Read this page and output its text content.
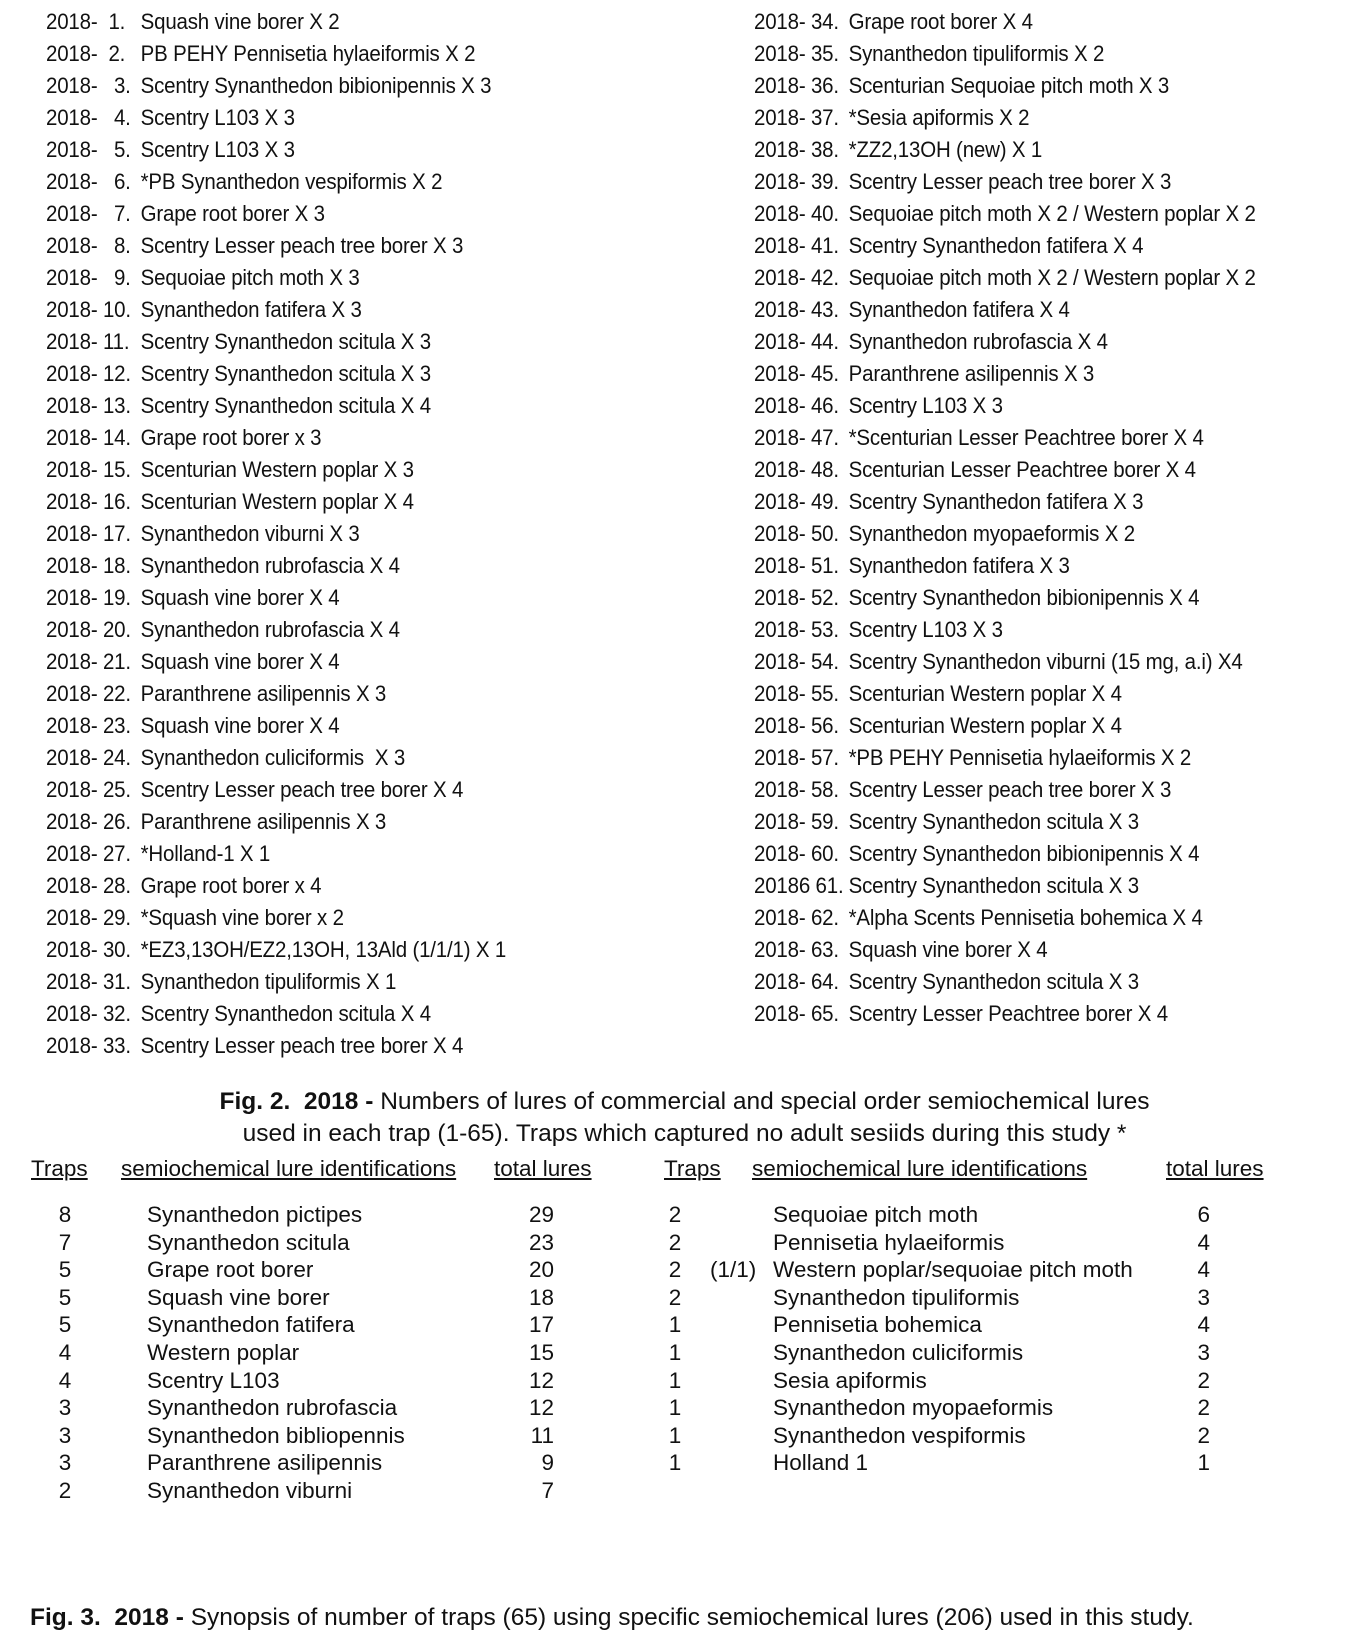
2018-  1. Squash vine borer X 2
2018-  2. PB PEHY Pennisetia hylaeiformis X 2
2018-   3. Scentry Synanthedon bibionipennis X 3
2018-   4. Scentry L103 X 3
2018-   5. Scentry L103 X 3
2018-   6. *PB Synanthedon vespiformis X 2
2018-   7. Grape root borer X 3
2018-   8. Scentry Lesser peach tree borer X 3
2018-   9. Sequoiae pitch moth X 3
2018- 10. Synanthedon fatifera X 3
2018- 11. Scentry Synanthedon scitula X 3
2018- 12. Scentry Synanthedon scitula X 3
2018- 13. Scentry Synanthedon scitula X 4
2018- 14. Grape root borer x 3
2018- 15. Scenturian Western poplar X 3
2018- 16. Scenturian Western poplar X 4
2018- 17. Synanthedon viburni X 3
2018- 18. Synanthedon rubrofascia X 4
2018- 19. Squash vine borer X 4
2018- 20. Synanthedon rubrofascia X 4
2018- 21. Squash vine borer X 4
2018- 22. Paranthrene asilipennis X 3
2018- 23. Squash vine borer X 4
2018- 24. Synanthedon culiciformis  X 3
2018- 25. Scentry Lesser peach tree borer X 4
2018- 26. Paranthrene asilipennis X 3
2018- 27. *Holland-1 X 1
2018- 28. Grape root borer x 4
2018- 29. *Squash vine borer x 2
2018- 30. *EZ3,13OH/EZ2,13OH, 13Ald (1/1/1) X 1
2018- 31. Synanthedon tipuliformis X 1
2018- 32. Scentry Synanthedon scitula X 4
2018- 33. Scentry Lesser peach tree borer X 4
2018- 34. Grape root borer X 4
2018- 35. Synanthedon tipuliformis X 2
2018- 36. Scenturian Sequoiae pitch moth X 3
2018- 37. *Sesia apiformis X 2
2018- 38. *ZZ2,13OH (new) X 1
2018- 39. Scentry Lesser peach tree borer X 3
2018- 40. Sequoiae pitch moth X 2 / Western poplar X 2
2018- 41. Scentry Synanthedon fatifera X 4
2018- 42. Sequoiae pitch moth X 2 / Western poplar X 2
2018- 43. Synanthedon fatifera X 4
2018- 44. Synanthedon rubrofascia X 4
2018- 45. Paranthrene asilipennis X 3
2018- 46. Scentry L103 X 3
2018- 47. *Scenturian Lesser Peachtree borer X 4
2018- 48. Scenturian Lesser Peachtree borer X 4
2018- 49. Scentry Synanthedon fatifera X 3
2018- 50. Synanthedon myopaeformis X 2
2018- 51. Synanthedon fatifera X 3
2018- 52. Scentry Synanthedon bibionipennis X 4
2018- 53. Scentry L103 X 3
2018- 54. Scentry Synanthedon viburni (15 mg, a.i) X4
2018- 55. Scenturian Western poplar X 4
2018- 56. Scenturian Western poplar X 4
2018- 57. *PB PEHY Pennisetia hylaeiformis X 2
2018- 58. Scentry Lesser peach tree borer X 3
2018- 59. Scentry Synanthedon scitula X 3
2018- 60. Scentry Synanthedon bibionipennis X 4
20186 61. Scentry Synanthedon scitula X 3
2018- 62. *Alpha Scents Pennisetia bohemica X 4
2018- 63. Squash vine borer X 4
2018- 64. Scentry Synanthedon scitula X 3
2018- 65. Scentry Lesser Peachtree borer X 4
Fig. 2. 2018 - Numbers of lures of commercial and special order semiochemical lures
used in each trap (1-65). Traps which captured no adult sesiids during this study *
Traps semiochemical lure identifications total lures
8	Synanthedon pictipes	29
7	Synanthedon scitula	23
5	Grape root borer	20
5	Squash vine borer	18
5	Synanthedon fatifera	17
4	Western poplar	15
4	Scentry L103	12
3	Synanthedon rubrofascia	12
3	Synanthedon bibliopennis	11
3	Paranthrene asilipennis	9
2	Synanthedon viburni	7
Traps semiochemical lure identifications	total lures
2	Sequoiae pitch moth	6
2	Pennisetia hylaeiformis	4
2	(1/1) Western poplar/sequoiae pitch moth	4
2	Synanthedon tipuliformis	3
1	Pennisetia bohemica	4
1	Synanthedon culiciformis	3
1	Sesia apiformis	2
1	Synanthedon myopaeformis	2
1	Synanthedon vespiformis	2
1	Holland 1	1
Fig. 3. 2018 - Synopsis of number of traps (65) using specific semiochemical lures (206) used in this study.
